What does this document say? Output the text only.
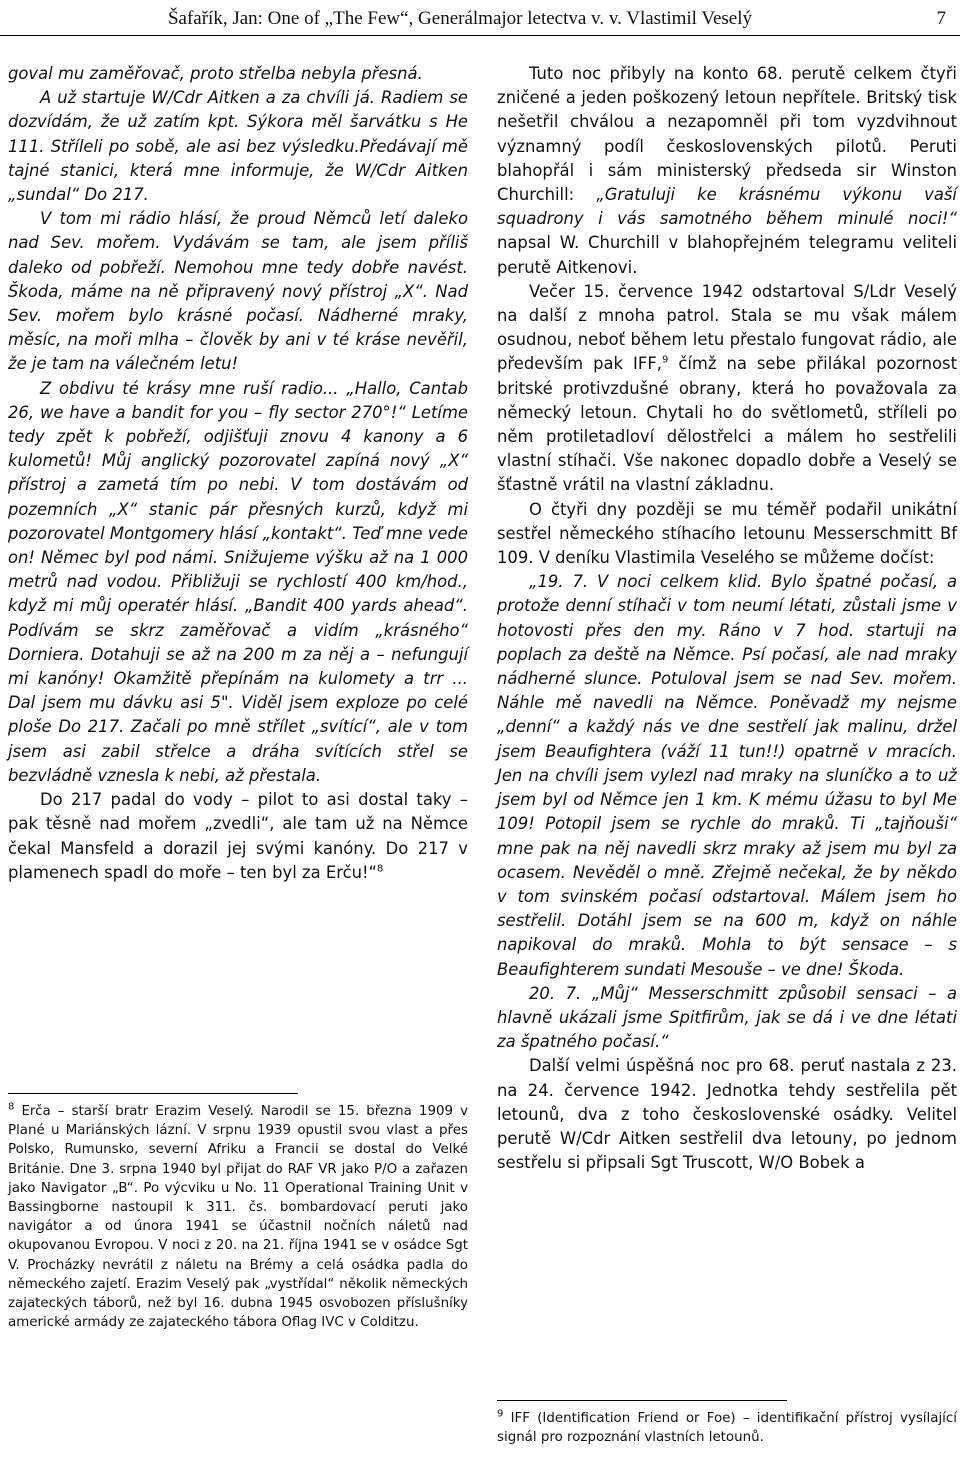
Šafařík, Jan: One of „The Few“, Generálmajor letectva v. v. Vlastimil Veselý	7

goval mu zaměřovač, proto střelba nebyla přesná.

A už startuje W/Cdr Aitken a za chvíli já. Radiem se dozvídám, že už zatím kpt. Sýkora měl šarvátku s He 111. Stříleli po sobě, ale asi bez výsledku.Předávají mě tajné stanici, která mne informuje, že W/Cdr Aitken „sundal“ Do 217.

V tom mi rádio hlásí, že proud Němců letí daleko nad Sev. mořem. Vydávám se tam, ale jsem příliš daleko od pobřeží. Nemohou mne tedy dobře navést. Škoda, máme na ně připravený nový přístroj „X“. Nad Sev. mořem bylo krásné počasí. Nádherné mraky, měsíc, na moři mlha – člověk by ani v té kráse nevěřil, že je tam na válečném letu!

Z obdivu té krásy mne ruší radio... „Hallo, Cantab 26, we have a bandit for you – fly sector 270°!“ Letíme tedy zpět k pobřeží, odjišťuji znovu 4 kanony a 6 kulometů! Můj anglický pozorovatel zapíná nový „X“ přístroj a zametá tím po nebi. V tom dostávám od pozemních „X“ stanic pár přesných kurzů, když mi pozorovatel Montgomery hlásí „kontakt“. Teď mne vede on! Němec byl pod námi. Snižujeme výšku až na 1 000 metrů nad vodou. Přibližuji se rychlostí 400 km/hod., když mi můj operatér hlásí. „Bandit 400 yards ahead“. Podívám se skrz zaměřovač a vidím „krásného“ Dorniera. Dotahuji se až na 200 m za něj a – nefungují mi kanóny! Okamžitě přepínám na kulomety a trr ... Dal jsem mu dávku asi 5". Viděl jsem exploze po celé ploše Do 217. Začali po mně střílet „svítící“, ale v tom jsem asi zabil střelce a dráha svítících střel se bezvládně vznesla k nebi, až přestala.

Do 217 padal do vody – pilot to asi dostal taky – pak těsně nad mořem „zvedli“, ale tam už na Němce čekal Mansfeld a dorazil jej svými kanóny. Do 217 v plamenech spadl do moře – ten byl za Erču!“$^8$

$^8$ Erča – starší bratr Erazim Veselý. Narodil se 15. března 1909 v Plané u Mariánských lázní. V srpnu 1939 opustil svou vlast a přes Polsko, Rumunsko, severní Afriku a Francii se dostal do Velké Británie. Dne 3. srpna 1940 byl přijat do RAF VR jako P/O a zařazen jako Navigator „B“. Po výcviku u No. 11 Operational Training Unit v Bassingborne nastoupil k 311. čs. bombardovací peruti jako navigátor a od února 1941 se účastnil nočních náletů nad okupovanou Evropou. V noci z 20. na 21. října 1941 se v osádce Sgt V. Procházky nevrátil z náletu na Brémy a celá osádka padla do německého zajetí. Erazim Veselý pak „vystřídal“ několik německých zajateckých táborů, než byl 16. dubna 1945 osvobozen příslušníky americké armády ze zajateckého tábora Oflag IVC v Colditzu.

Tuto noc přibyly na konto 68. perutě celkem čtyři zničené a jeden poškozený letoun nepřítele. Britský tisk nešetřil chválou a nezapomněl při tom vyzdvihnout významný podíl československých pilotů. Peruti blahopřál i sám ministerský předseda sir Winston Churchill: „Gratuluji ke krásnému výkonu vaší squadrony i vás samotného během minulé noci!“ napsal W. Churchill v blahopřejném telegramu veliteli perutě Aitkenovi.

Večer 15. července 1942 odstartoval S/Ldr Veselý na další z mnoha patrol. Stala se mu však málem osudnou, neboť během letu přestalo fungovat rádio, ale především pak IFF,$^9$ čímž na sebe přilákal pozornost britské protivzdušné obrany, která ho považovala za německý letoun. Chytali ho do světlometů, stříleli po něm protiletadloví dělostřelci a málem ho sestřelili vlastní stíhači. Vše nakonec dopadlo dobře a Veselý se šťastně vrátil na vlastní základnu.

O čtyři dny později se mu téměř podařil unikátní sestřel německého stíhacího letounu Messerschmitt Bf 109. V deníku Vlastimila Veselého se můžeme dočíst:

„19. 7. V noci celkem klid. Bylo špatné počasí, a protože denní stíhači v tom neumí létati, zůstali jsme v hotovosti přes den my. Ráno v 7 hod. startuji na poplach za deště na Němce. Psí počasí, ale nad mraky nádherné slunce. Potuloval jsem se nad Sev. mořem. Náhle mě navedli na Němce. Poněvadž my nejsme „denní“ a každý nás ve dne sestřelí jak malinu, držel jsem Beaufightera (váží 11 tun!!) opatrně v mracích. Jen na chvíli jsem vylezl nad mraky na sluníčko a to už jsem byl od Němce jen 1 km. K mému úžasu to byl Me 109! Potopil jsem se rychle do mraků. Ti „tajňouši“ mne pak na něj navedli skrz mraky až jsem mu byl za ocasem. Nevěděl o mně. Zřejmě nečekal, že by někdo v tom svinském počasí odstartoval. Málem jsem ho sestřelil. Dotáhl jsem se na 600 m, když on náhle napikoval do mraků. Mohla to být sensace – s Beaufighterem sundati Mesouše – ve dne! Škoda.

20. 7. „Můj“ Messerschmitt způsobil sensaci – a hlavně ukázali jsme Spitfirům, jak se dá i ve dne létati za špatného počasí.“

Další velmi úspěšná noc pro 68. peruť nastala z 23. na 24. července 1942. Jednotka tehdy sestřelila pět letounů, dva z toho československé osádky. Velitel perutě W/Cdr Aitken sestřelil dva letouny, po jednom sestřelu si připsali Sgt Truscott, W/O Bobek a

$^9$ IFF (Identification Friend or Foe) – identifikační přístroj vysílající signál pro rozpoznání vlastních letounů.
